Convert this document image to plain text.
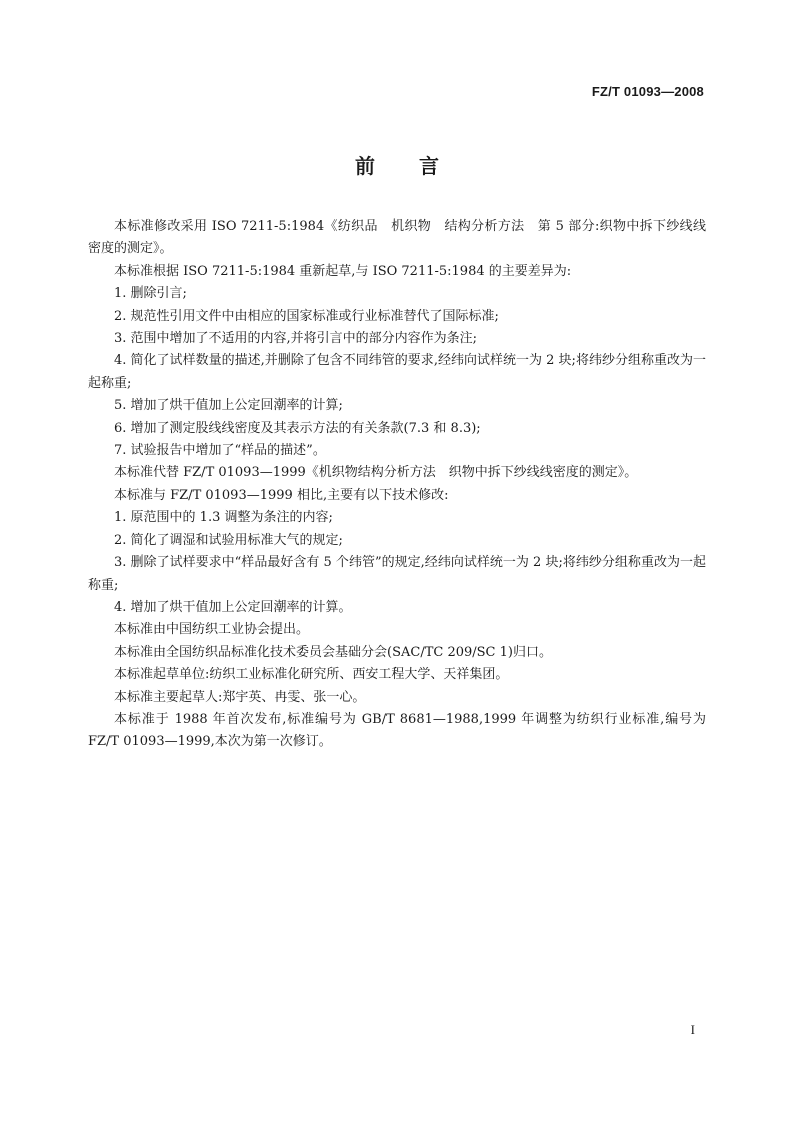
FZ/T 01093—2008
前言

本标准修改采用 ISO 7211-5:1984《纺织品　机织物　结构分析方法　第 5 部分:织物中拆下纱线线密度的测定》。

本标准根据 ISO 7211-5:1984 重新起草,与 ISO 7211-5:1984 的主要差异为:

1. 删除引言;

2. 规范性引用文件中由相应的国家标准或行业标准替代了国际标准;

3. 范围中增加了不适用的内容,并将引言中的部分内容作为条注;

4. 简化了试样数量的描述,并删除了包含不同纬管的要求,经纬向试样统一为 2 块;将纬纱分组称重改为一起称重;

5. 增加了烘干值加上公定回潮率的计算;

6. 增加了测定股线线密度及其表示方法的有关条款(7.3 和 8.3);

7. 试验报告中增加了“样品的描述”。

本标准代替 FZ/T 01093—1999《机织物结构分析方法　织物中拆下纱线线密度的测定》。

本标准与 FZ/T 01093—1999 相比,主要有以下技术修改:

1. 原范围中的 1.3 调整为条注的内容;

2. 简化了调湿和试验用标准大气的规定;

3. 删除了试样要求中“样品最好含有 5 个纬管”的规定,经纬向试样统一为 2 块;将纬纱分组称重改为一起称重;

4. 增加了烘干值加上公定回潮率的计算。

本标准由中国纺织工业协会提出。

本标准由全国纺织品标准化技术委员会基础分会(SAC/TC 209/SC 1)归口。

本标准起草单位:纺织工业标准化研究所、西安工程大学、天祥集团。

本标准主要起草人:郑宇英、冉雯、张一心。

本标准于 1988 年首次发布,标准编号为 GB/T 8681—1988,1999 年调整为纺织行业标准,编号为 FZ/T 01093—1999,本次为第一次修订。

I
